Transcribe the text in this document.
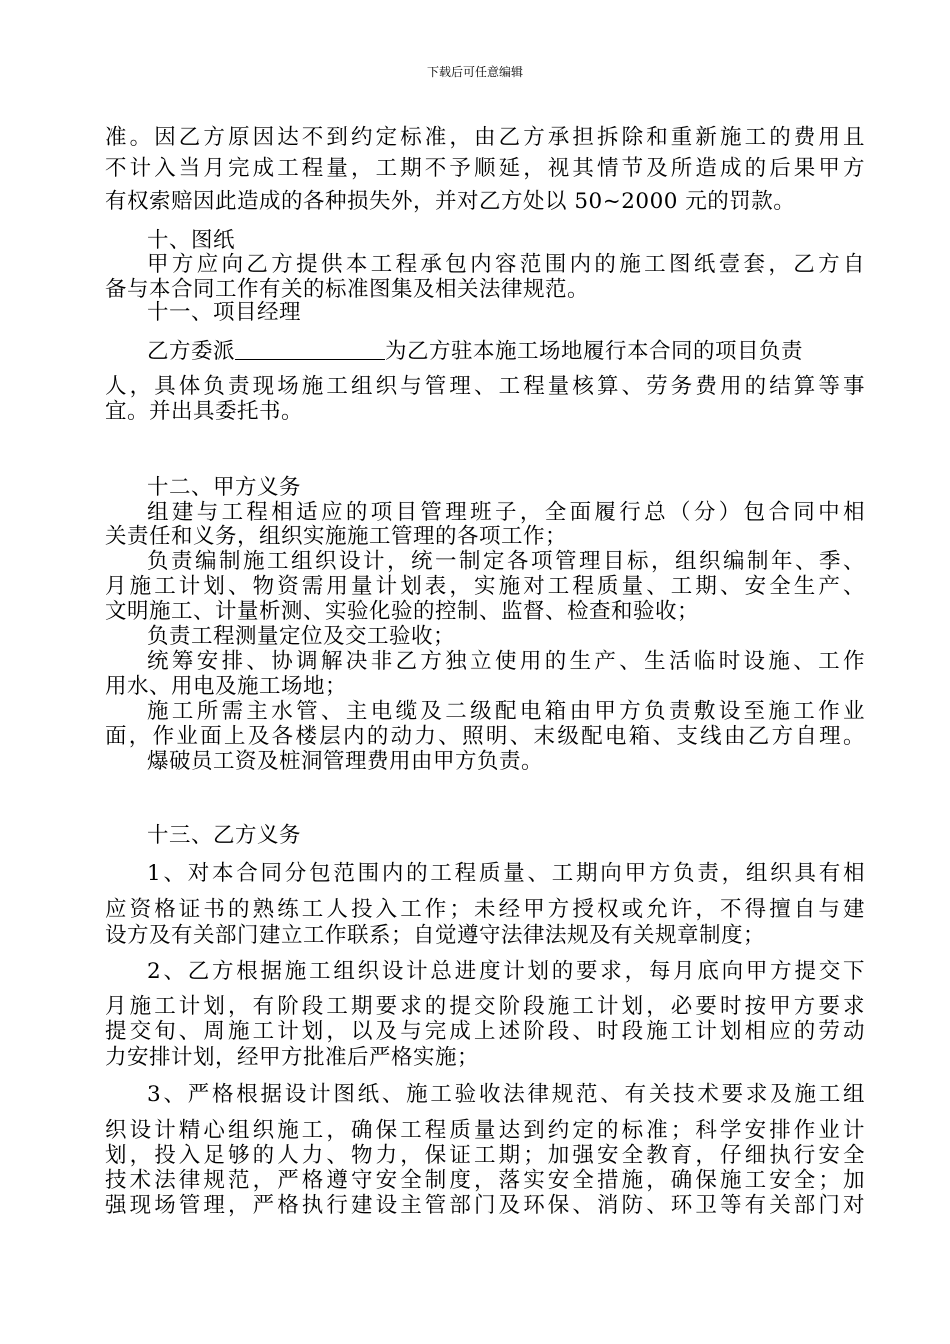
下载后可任意编辑
准。因乙方原因达不到约定标准，由乙方承担拆除和重新施工的费用且
不计入当月完成工程量，工期不予顺延，视其情节及所造成的后果甲方
有权索赔因此造成的各种损失外，并对乙方处以 50~2000 元的罚款。
十、图纸
甲方应向乙方提供本工程承包内容范围内的施工图纸壹套，乙方自
备与本合同工作有关的标准图集及相关法律规范。
十一、项目经理
乙方委派	为乙方驻本施工场地履行本合同的项目负责
人，具体负责现场施工组织与管理、工程量核算、劳务费用的结算等事
宜。并出具委托书。
十二、甲方义务
组建与工程相适应的项目管理班子，全面履行总（分）包合同中相
关责任和义务，组织实施施工管理的各项工作；
负责编制施工组织设计，统一制定各项管理目标，组织编制年、季、
月施工计划、物资需用量计划表，实施对工程质量、工期、安全生产、
文明施工、计量析测、实验化验的控制、监督、检查和验收；
负责工程测量定位及交工验收；
统筹安排、协调解决非乙方独立使用的生产、生活临时设施、工作
用水、用电及施工场地；
施工所需主水管、主电缆及二级配电箱由甲方负责敷设至施工作业
面，作业面上及各楼层内的动力、照明、末级配电箱、支线由乙方自理。
爆破员工资及桩洞管理费用由甲方负责。
十三、乙方义务
1、对本合同分包范围内的工程质量、工期向甲方负责，组织具有相
应资格证书的熟练工人投入工作；未经甲方授权或允许，不得擅自与建
设方及有关部门建立工作联系；自觉遵守法律法规及有关规章制度；
2、乙方根据施工组织设计总进度计划的要求，每月底向甲方提交下
月施工计划，有阶段工期要求的提交阶段施工计划，必要时按甲方要求
提交旬、周施工计划，以及与完成上述阶段、时段施工计划相应的劳动
力安排计划，经甲方批准后严格实施；
3、严格根据设计图纸、施工验收法律规范、有关技术要求及施工组
织设计精心组织施工，确保工程质量达到约定的标准；科学安排作业计
划，投入足够的人力、物力，保证工期；加强安全教育，仔细执行安全
技术法律规范，严格遵守安全制度，落实安全措施，确保施工安全；加
强现场管理，严格执行建设主管部门及环保、消防、环卫等有关部门对
